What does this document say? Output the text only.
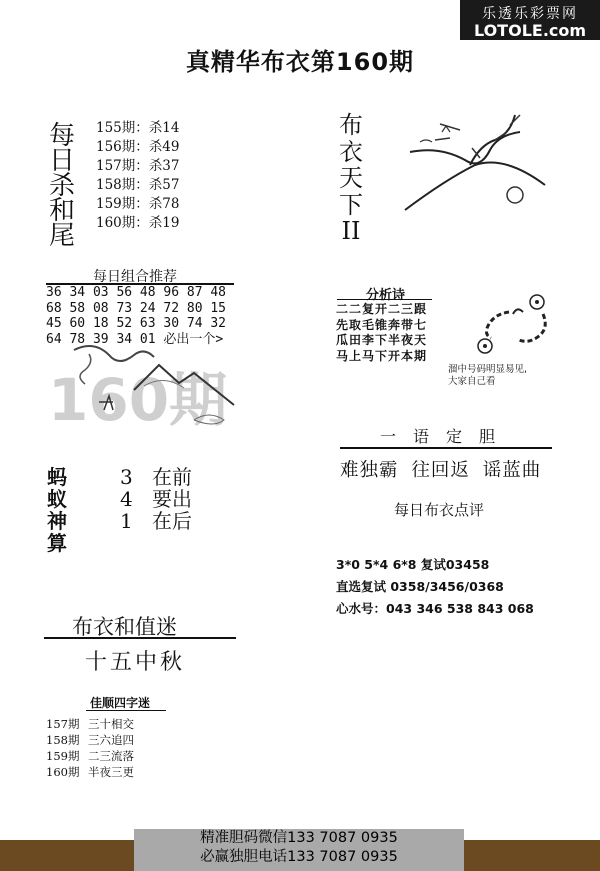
乐透乐彩票网
LOTOLE.com
真精华布衣第160期
每
日
杀
和
尾
155期：杀14
156期：杀49
157期：杀37
158期：杀57
159期：杀78
160期：杀19
每日组合推荐
36 34 03 56 48 96 87 48
68 58 08 73 24 72 80 15
45 60 18 52 63 30 74 32
64 78 39 34 01 必出一个>
160期
蚂
蚁
神
算
3 在前
4 要出
1 在后
布衣和值迷
十五中秋
佳顺四字迷
157期 三十相交
158期 三六追四
159期 二三流落
160期 半夜三更
布
衣
天
下
II
分析诗
二二复开二三跟
先取毛锥奔带七
瓜田李下半夜天
马上马下开本期
溜中号码明显易见,
大家自己看
一语定胆
难独霸 往回返 谣蓝曲
每日布衣点评
3*0 5*4 6*8 复试03458
直选复试 0358/3456/0368
心水号：043 346 538 843 068
精准胆码微信133 7087 0935
必赢独胆电话133 7087 0935
